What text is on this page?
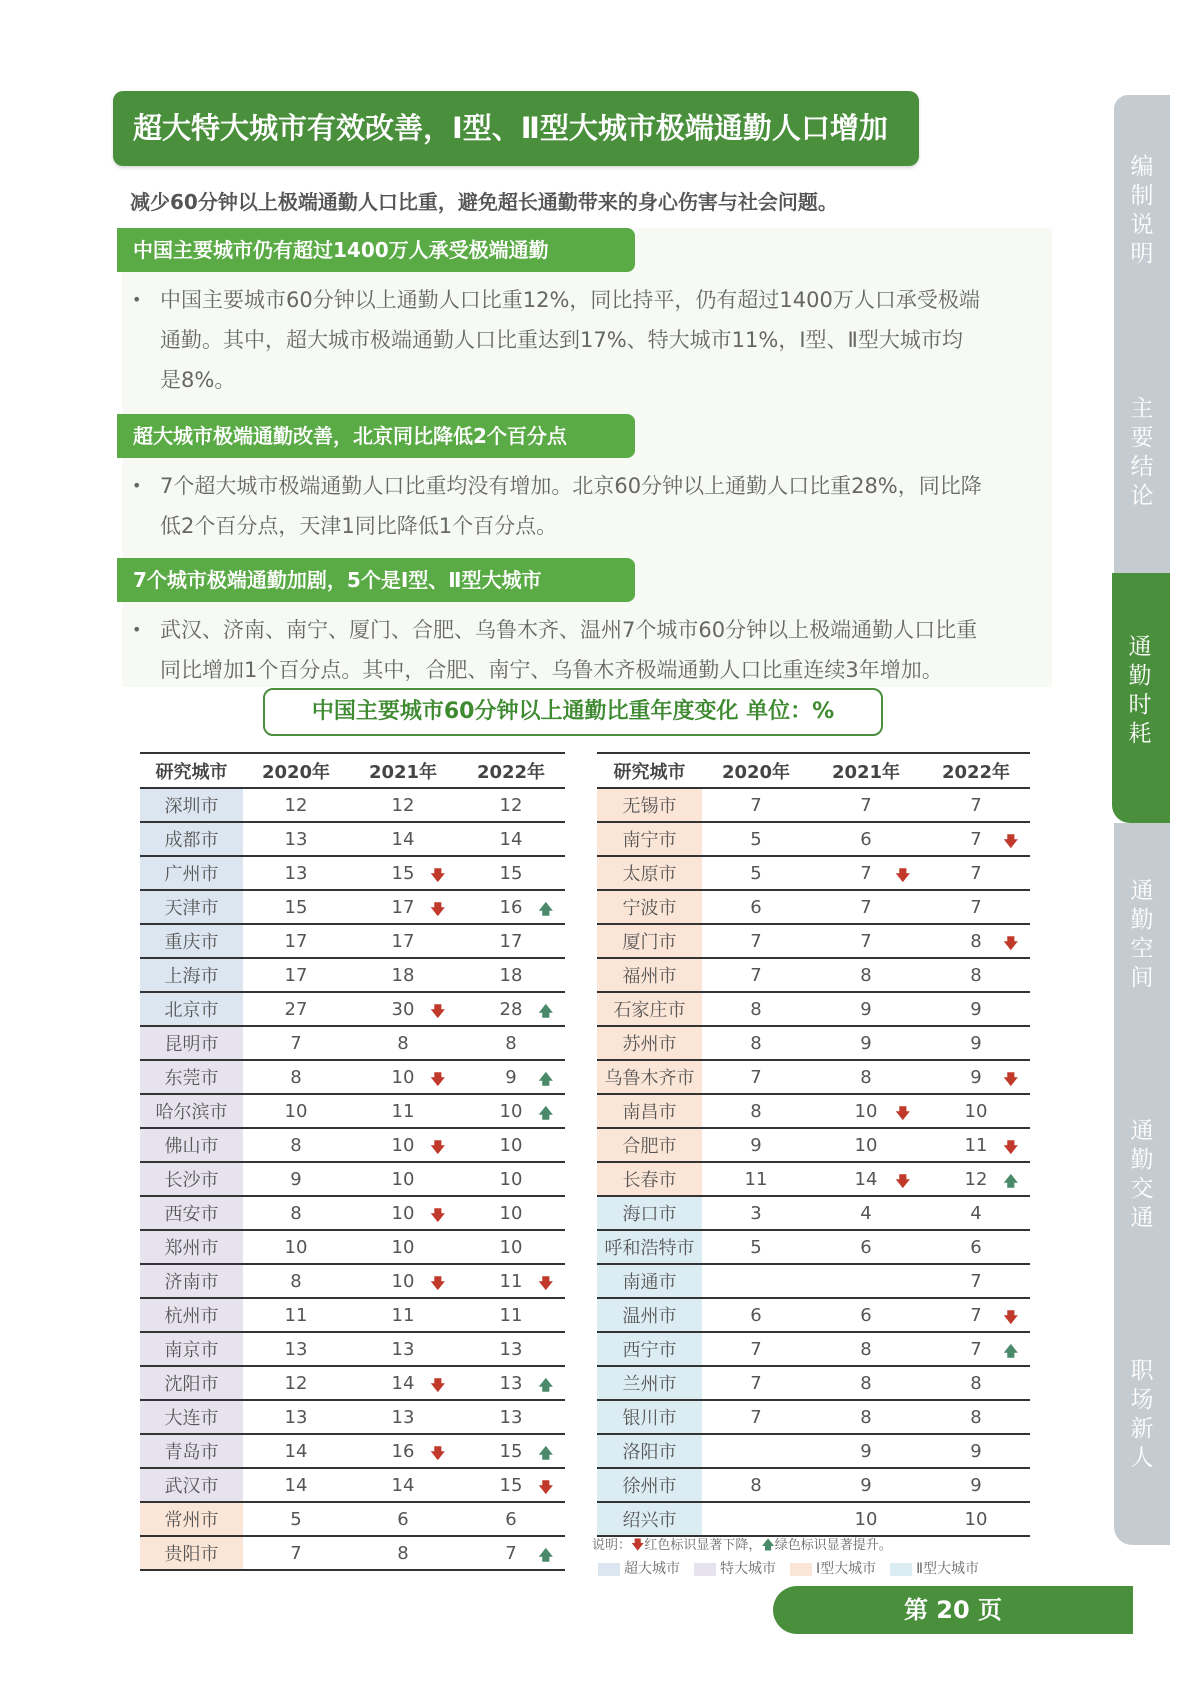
超大特大城市有效改善，Ⅰ型、Ⅱ型大城市极端通勤人口增加
减少60分钟以上极端通勤人口比重，避免超长通勤带来的身心伤害与社会问题。
中国主要城市仍有超过1400万人承受极端通勤
• 中国主要城市60分钟以上通勤人口比重12%，同比持平，仍有超过1400万人口承受极端
通勤。其中，超大城市极端通勤人口比重达到17%、特大城市11%，Ⅰ型、Ⅱ型大城市均
是8%。
超大城市极端通勤改善，北京同比降低2个百分点
• 7个超大城市极端通勤人口比重均没有增加。北京60分钟以上通勤人口比重28%，同比降
低2个百分点，天津1同比降低1个百分点。
7个城市极端通勤加剧，5个是Ⅰ型、Ⅱ型大城市
• 武汉、济南、南宁、厦门、合肥、乌鲁木齐、温州7个城市60分钟以上极端通勤人口比重
同比增加1个百分点。其中，合肥、南宁、乌鲁木齐极端通勤人口比重连续3年增加。
中国主要城市60分钟以上通勤比重年度变化 单位：%
研究城市	2020年	2021年	2022年
深圳市	12	12	12
成都市	13	14	14
广州市	13	15 🡇	15
天津市	15	17 🡇	16 🡅

重庆市	17	17	17
上海市	17	18	18
北京市	27	30 🡇	28 🡅

昆明市	7	8	8
东莞市	8	10 🡇	9 🡅

哈尔滨市	10	11	10 🡅

佛山市	8	10 🡇	10
长沙市	9	10	10
西安市	8	10 🡇	10
郑州市	10	10	10
济南市	8	10 🡇	11 🡇

杭州市	11	11	11
南京市	13	13	13
沈阳市	12	14 🡇	13 🡅

大连市	13	13	13
青岛市	14	16 🡇	15 🡅

武汉市	14	14	15 🡇

常州市	5	6	6
贵阳市	7	8	7 🡅
研究城市	2020年	2021年	2022年
无锡市	7	7	7
南宁市	5	6	7 🡇

太原市	5	7 🡇	7
宁波市	6	7	7
厦门市	7	7	8 🡇

福州市	7	8	8
石家庄市	8	9	9
苏州市	8	9	9
乌鲁木齐市	7	8	9 🡇

南昌市	8	10 🡇	10
合肥市	9	10	11 🡇

长春市	11	14 🡇	12 🡅

海口市	3	4	4
呼和浩特市	5	6	6
南通市			7
温州市	6	6	7 🡇

西宁市	7	8	7 🡅

兰州市	7	8	8
银川市	7	8	8
洛阳市		9	9
徐州市	8	9	9
绍兴市		10	10
说明：🡇红色标识显著下降，🡅绿色标识显著提升。
超大城市	特大城市	Ⅰ型大城市	Ⅱ型大城市
第 20 页
编
制
说
明
主
要
结
论
通
勤
时
耗
通
勤
空
间
通
勤
交
通
职
场
新
人
